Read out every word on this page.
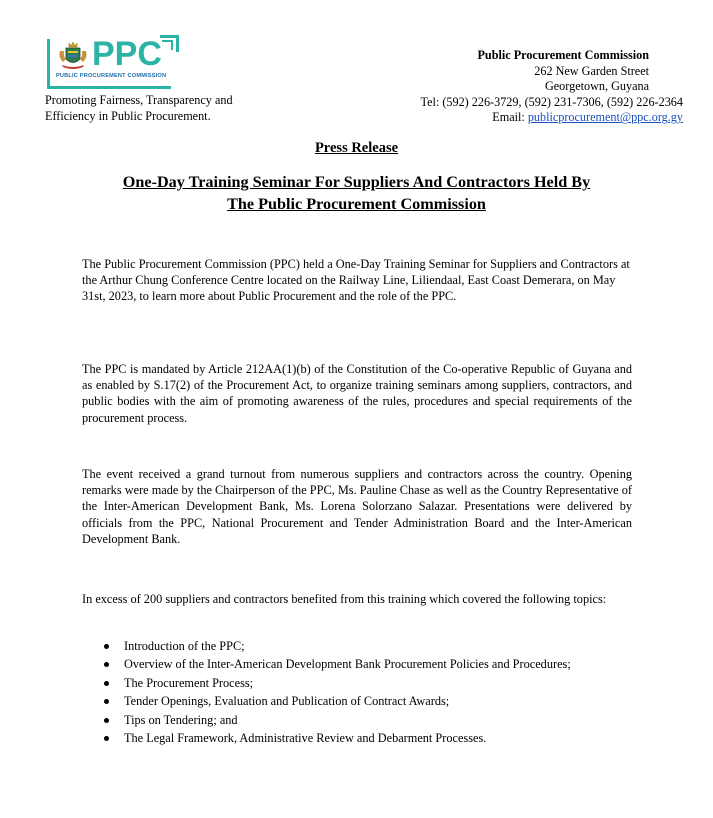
PPC
PUBLIC PROCUREMENT COMMISSION
Promoting Fairness, Transparency and
Efficiency in Public Procurement.
Public Procurement Commission
262 New Garden Street
Georgetown, Guyana
Tel: (592) 226-3729, (592) 231-7306, (592) 226-2364
Email: publicprocurement@ppc.org.gy
Press Release
One-Day Training Seminar For Suppliers And Contractors Held By
The Public Procurement Commission
The Public Procurement Commission (PPC) held a One-Day Training Seminar for Suppliers and Contractors at the Arthur Chung Conference Centre located on the Railway Line, Liliendaal, East Coast Demerara, on May 31st, 2023, to learn more about Public Procurement and the role of the PPC.
The PPC is mandated by Article 212AA(1)(b) of the Constitution of the Co-operative Republic of Guyana and as enabled by S.17(2) of the Procurement Act, to organize training seminars among suppliers, contractors, and public bodies with the aim of promoting awareness of the rules, procedures and special requirements of the procurement process.
The event received a grand turnout from numerous suppliers and contractors across the country. Opening remarks were made by the Chairperson of the PPC, Ms. Pauline Chase as well as the Country Representative of the Inter-American Development Bank, Ms. Lorena Solorzano Salazar. Presentations were delivered by officials from the PPC, National Procurement and Tender Administration Board and the Inter-American Development Bank.
In excess of 200 suppliers and contractors benefited from this training which covered the following topics:
Introduction of the PPC;
Overview of the Inter-American Development Bank Procurement Policies and Procedures;
The Procurement Process;
Tender Openings, Evaluation and Publication of Contract Awards;
Tips on Tendering; and
The Legal Framework, Administrative Review and Debarment Processes.
